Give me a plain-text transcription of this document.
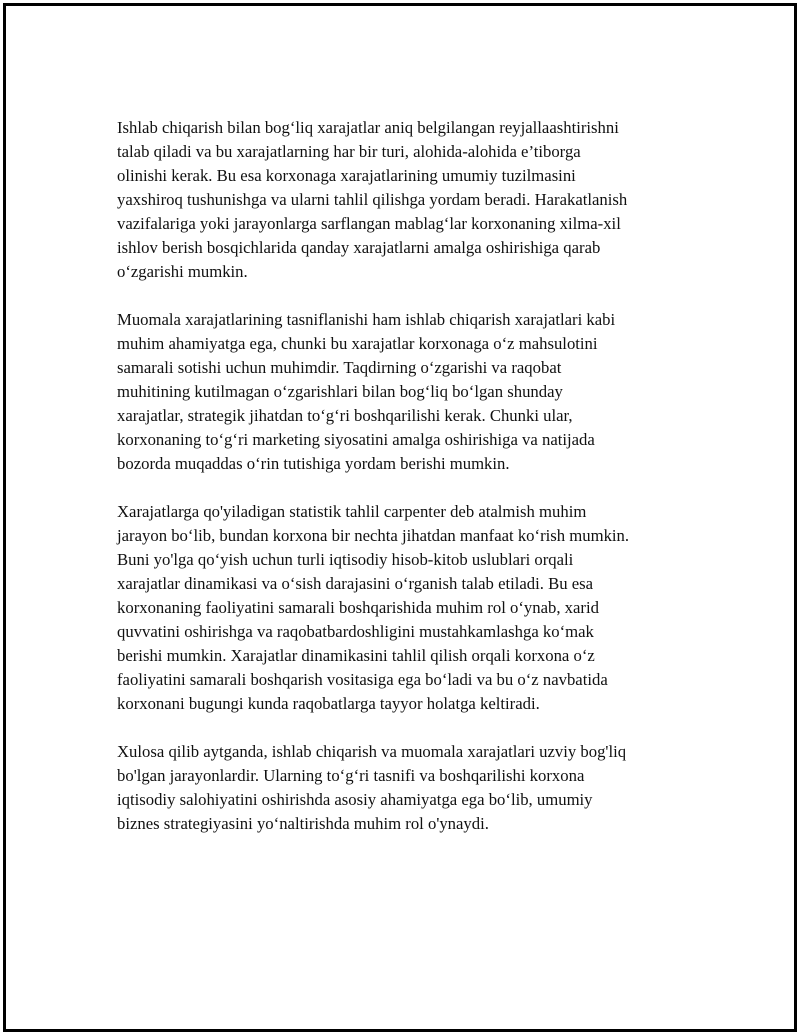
Ishlab chiqarish bilan bog‘liq xarajatlar aniq belgilangan reyjallaashtirishni
talab qiladi va bu xarajatlarning har bir turi, alohida-alohida e’tiborga
olinishi kerak. Bu esa korxonaga xarajatlarining umumiy tuzilmasini
yaxshiroq tushunishga va ularni tahlil qilishga yordam beradi. Harakatlanish
vazifalariga yoki jarayonlarga sarflangan mablag‘lar korxonaning xilma-xil
ishlov berish bosqichlarida qanday xarajatlarni amalga oshirishiga qarab
o‘zgarishi mumkin.

Muomala xarajatlarining tasniflanishi ham ishlab chiqarish xarajatlari kabi
muhim ahamiyatga ega, chunki bu xarajatlar korxonaga o‘z mahsulotini
samarali sotishi uchun muhimdir. Taqdirning o‘zgarishi va raqobat
muhitining kutilmagan o‘zgarishlari bilan bog‘liq bo‘lgan shunday
xarajatlar, strategik jihatdan to‘g‘ri boshqarilishi kerak. Chunki ular,
korxonaning to‘g‘ri marketing siyosatini amalga oshirishiga va natijada
bozorda muqaddas o‘rin tutishiga yordam berishi mumkin.

Xarajatlarga qo'yiladigan statistik tahlil carpenter deb atalmish muhim
jarayon bo‘lib, bundan korxona bir nechta jihatdan manfaat ko‘rish mumkin.
Buni yo'lga qo‘yish uchun turli iqtisodiy hisob-kitob uslublari orqali
xarajatlar dinamikasi va o‘sish darajasini o‘rganish talab etiladi. Bu esa
korxonaning faoliyatini samarali boshqarishida muhim rol o‘ynab, xarid
quvvatini oshirishga va raqobatbardoshligini mustahkamlashga ko‘mak
berishi mumkin. Xarajatlar dinamikasini tahlil qilish orqali korxona o‘z
faoliyatini samarali boshqarish vositasiga ega bo‘ladi va bu o‘z navbatida
korxonani bugungi kunda raqobatlarga tayyor holatga keltiradi.

Xulosa qilib aytganda, ishlab chiqarish va muomala xarajatlari uzviy bog'liq
bo'lgan jarayonlardir. Ularning to‘g‘ri tasnifi va boshqarilishi korxona
iqtisodiy salohiyatini oshirishda asosiy ahamiyatga ega bo‘lib, umumiy
biznes strategiyasini yo‘naltirishda muhim rol o'ynaydi.
